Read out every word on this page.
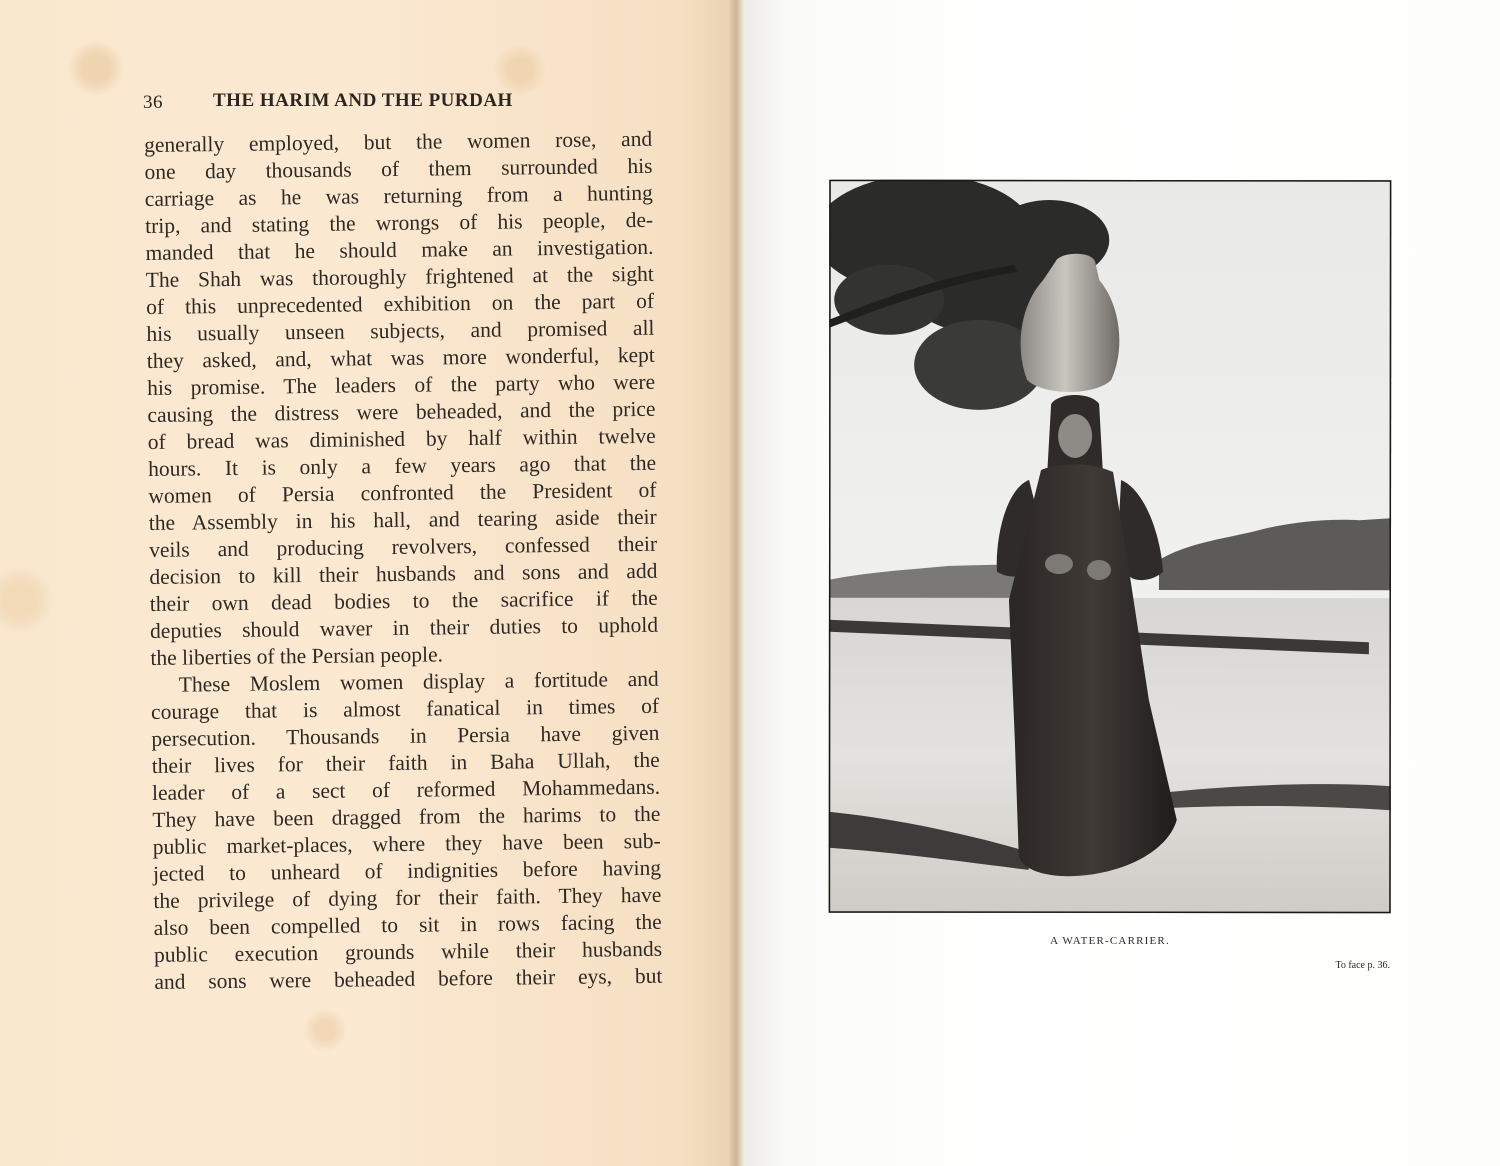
36	THE HARIM AND THE PURDAH
generally employed, but the women rose, and
one day thousands of them surrounded his
carriage as he was returning from a hunting
trip, and stating the wrongs of his people, de-
manded that he should make an investigation.
The Shah was thoroughly frightened at the sight
of this unprecedented exhibition on the part of
his usually unseen subjects, and promised all
they asked, and, what was more wonderful, kept
his promise. The leaders of the party who were
causing the distress were beheaded, and the price
of bread was diminished by half within twelve
hours. It is only a few years ago that the
women of Persia confronted the President of
the Assembly in his hall, and tearing aside their
veils and producing revolvers, confessed their
decision to kill their husbands and sons and add
their own dead bodies to the sacrifice if the
deputies should waver in their duties to uphold
the liberties of the Persian people.
These Moslem women display a fortitude and
courage that is almost fanatical in times of
persecution. Thousands in Persia have given
their lives for their faith in Baha Ullah, the
leader of a sect of reformed Mohammedans.
They have been dragged from the harims to the
public market-places, where they have been sub-
jected to unheard of indignities before having
the privilege of dying for their faith. They have
also been compelled to sit in rows facing the
public execution grounds while their husbands
and sons were beheaded before their eys, but
A WATER-CARRIER.
To face p. 36.
